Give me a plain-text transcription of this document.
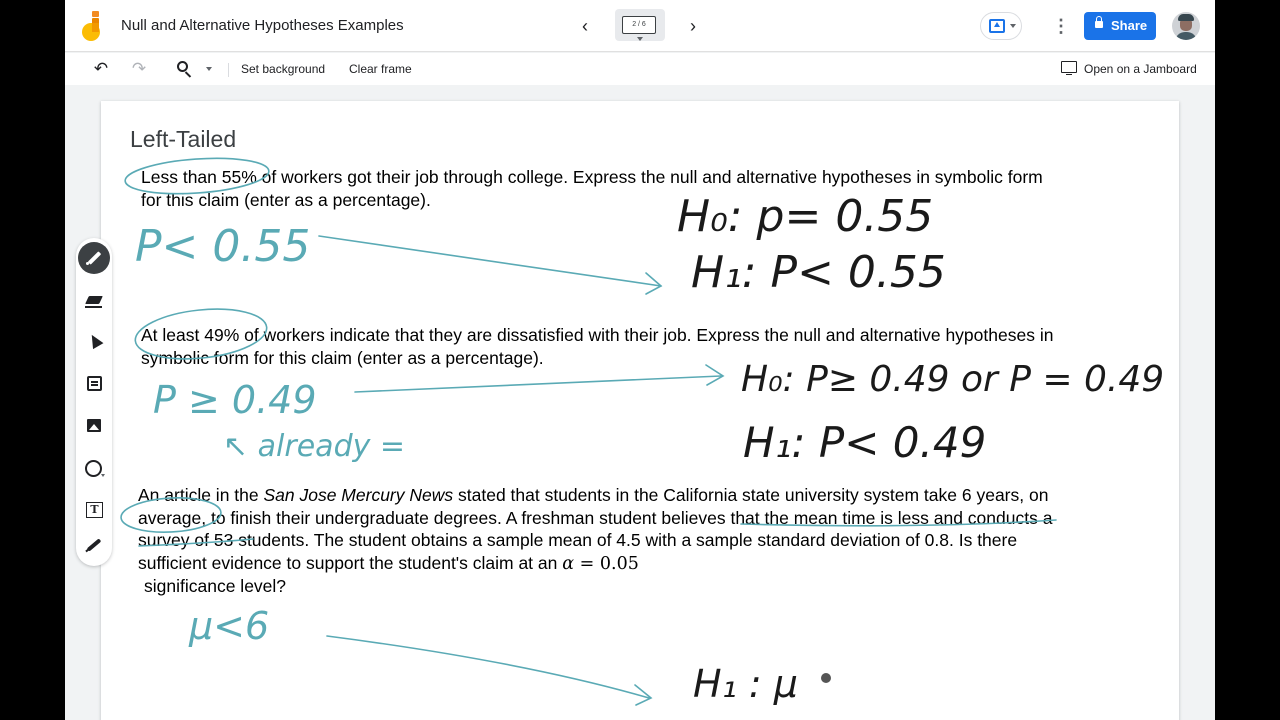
Null and Alternative Hypotheses Examples	‹	2 / 6	›	⋮	Share
↶ ↷	Set background Clear frame	Open on a Jamboard
Left-Tailed
Less than 55% of workers got their job through college. Express the null and alternative hypotheses in symbolic form for this claim (enter as a percentage).
At least 49% of workers indicate that they are dissatisfied with their job. Express the null and alternative hypotheses in symbolic form for this claim (enter as a percentage).
An article in the San Jose Mercury News stated that students in the California state university system take 6 years, on average, to finish their undergraduate degrees. A freshman student believes that the mean time is less and conducts a survey of 53 students. The student obtains a sample mean of 4.5 with a sample standard deviation of 0.8. Is there sufficient evidence to support the student's claim at an α = 0.05
significance level?
P< 0.55
P ≥ 0.49
↖ already =
μ<6
H₀: p= 0.55
H₁: P< 0.55
H₀: P≥ 0.49 or P = 0.49
H₁: P< 0.49
H₁ : μ
T
